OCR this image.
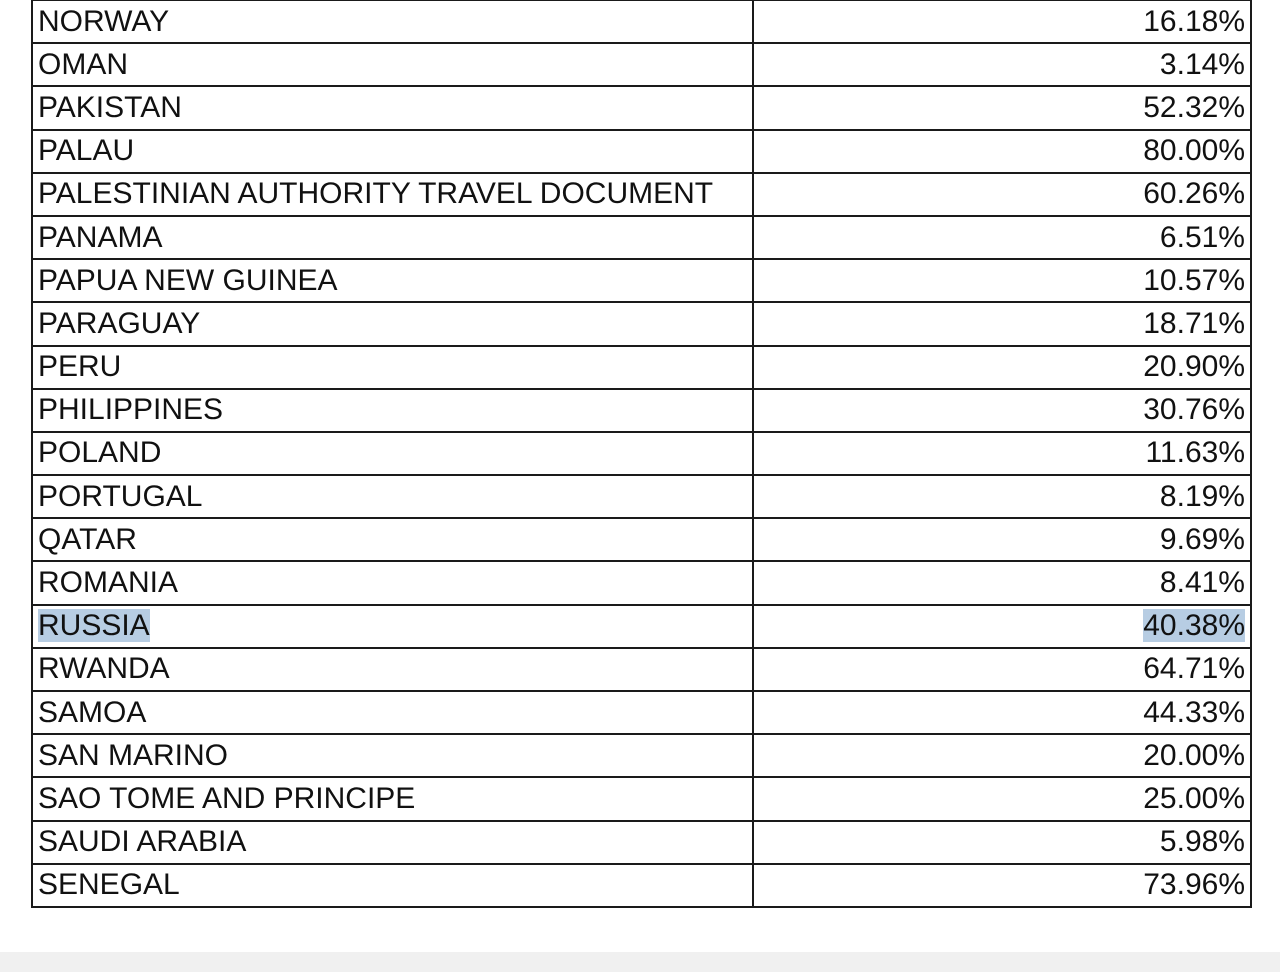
NORWAY	16.18%
OMAN	3.14%
PAKISTAN	52.32%
PALAU	80.00%
PALESTINIAN AUTHORITY TRAVEL DOCUMENT	60.26%
PANAMA	6.51%
PAPUA NEW GUINEA	10.57%
PARAGUAY	18.71%
PERU	20.90%
PHILIPPINES	30.76%
POLAND	11.63%
PORTUGAL	8.19%
QATAR	9.69%
ROMANIA	8.41%
RUSSIA	40.38%
RWANDA	64.71%
SAMOA	44.33%
SAN MARINO	20.00%
SAO TOME AND PRINCIPE	25.00%
SAUDI ARABIA	5.98%
SENEGAL	73.96%
